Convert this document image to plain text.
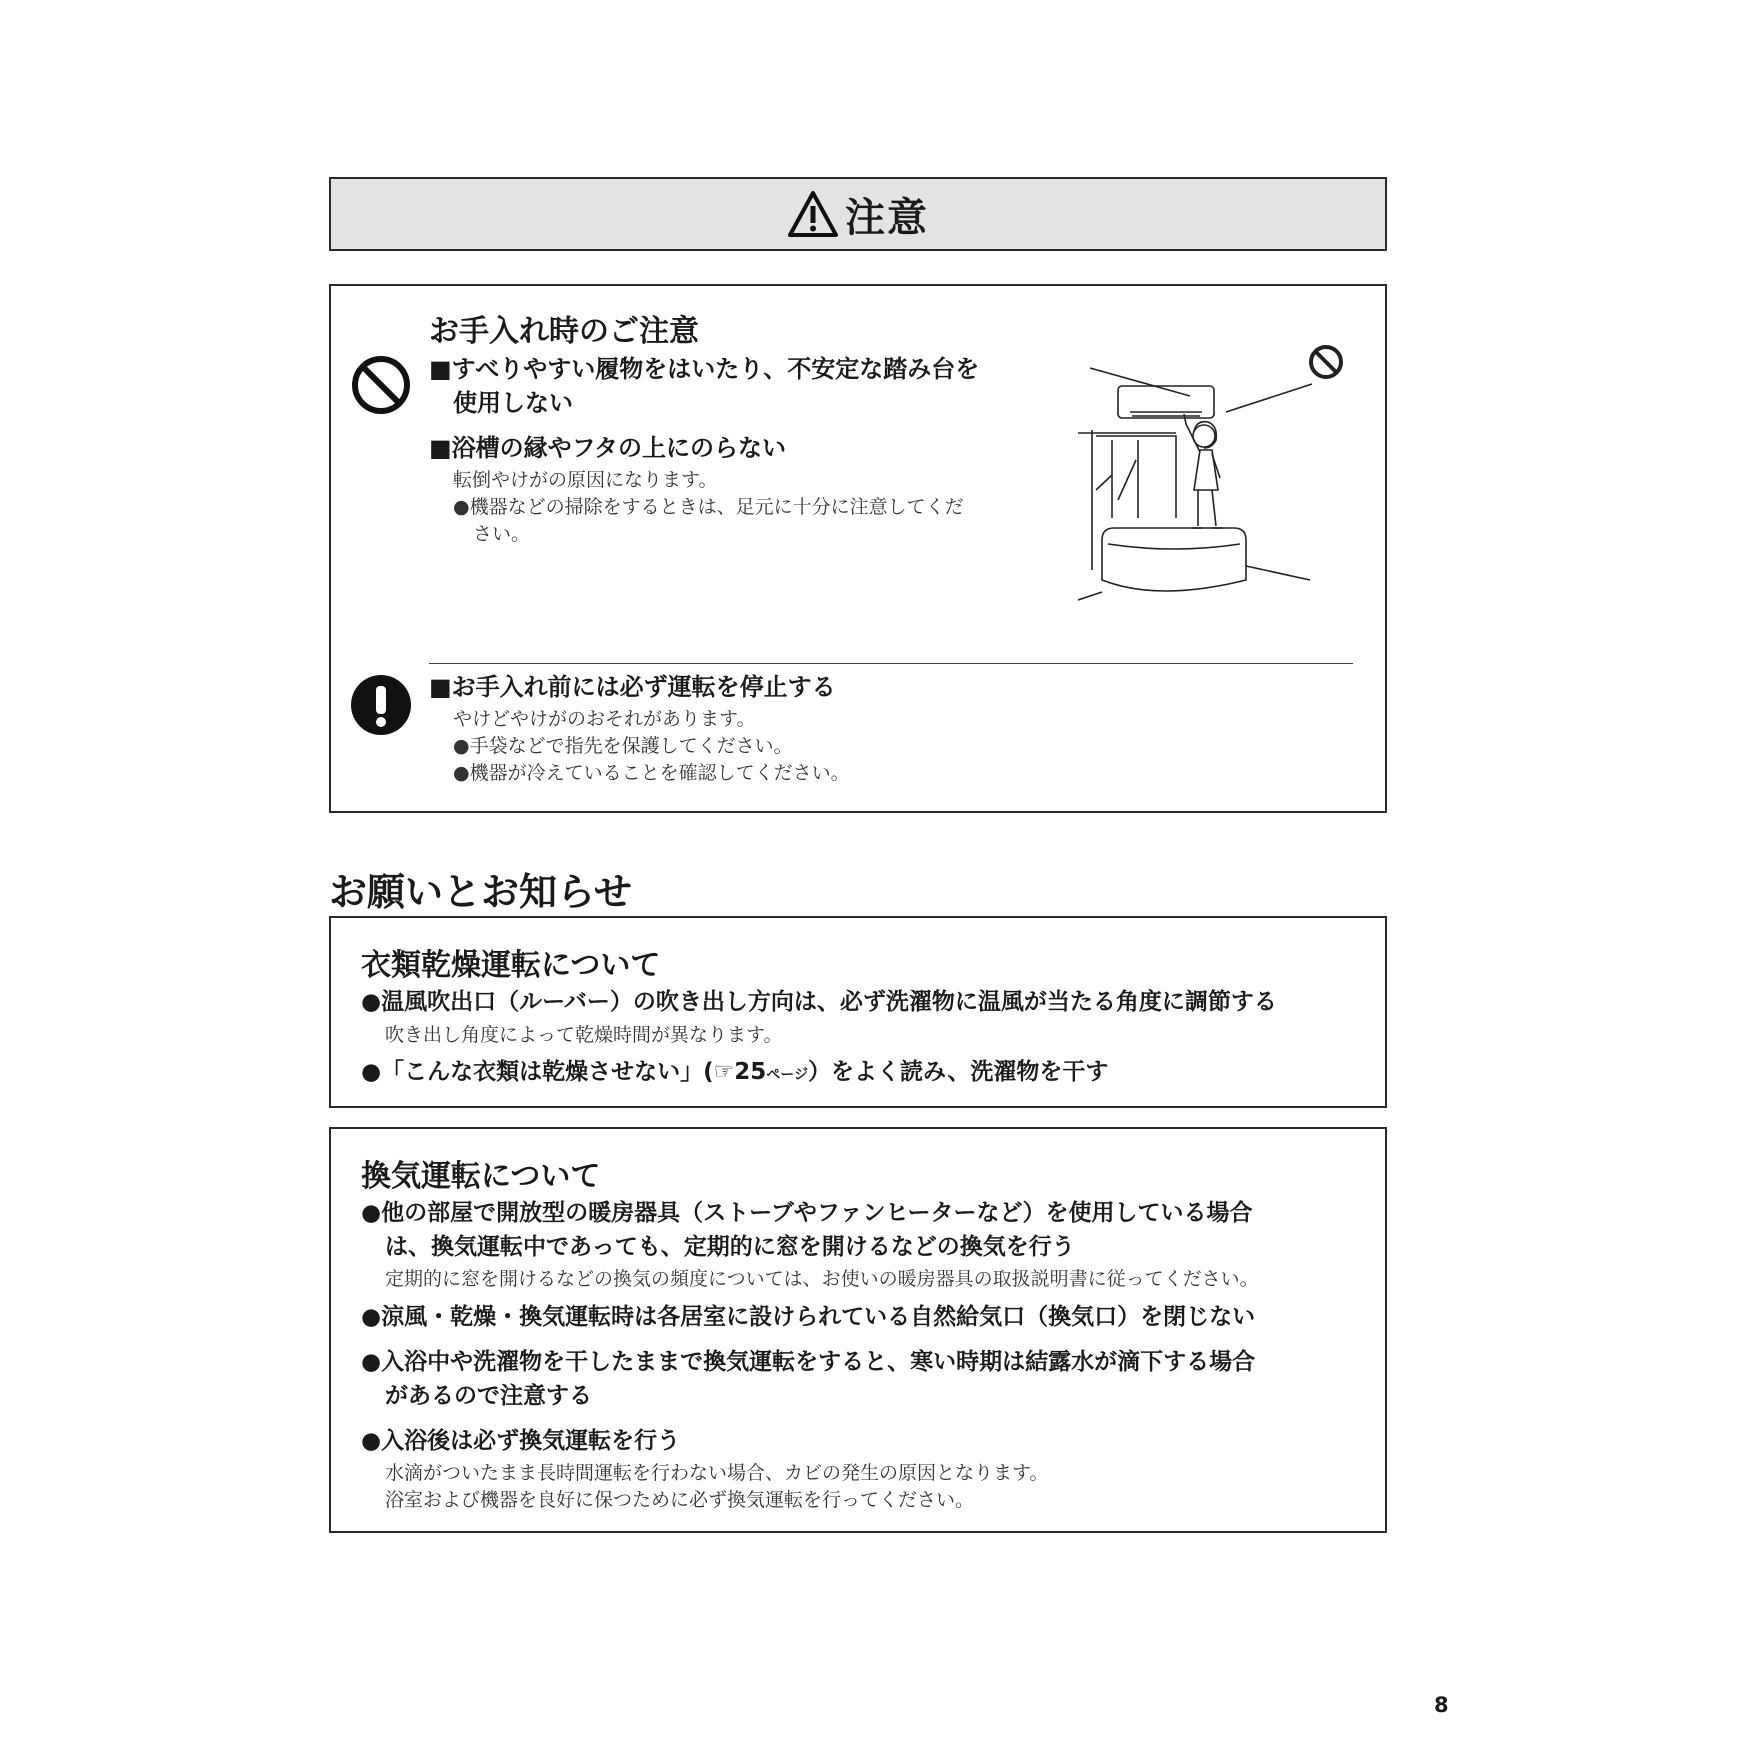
注意
お手入れ時のご注意
■すべりやすい履物をはいたり、不安定な踏み台を
使用しない
■浴槽の縁やフタの上にのらない
転倒やけがの原因になります。
●機器などの掃除をするときは、足元に十分に注意してくだ
さい。
■お手入れ前には必ず運転を停止する
やけどやけがのおそれがあります。
●手袋などで指先を保護してください。
●機器が冷えていることを確認してください。
お願いとお知らせ
衣類乾燥運転について
●温風吹出口（ルーバー）の吹き出し方向は、必ず洗濯物に温風が当たる角度に調節する
吹き出し角度によって乾燥時間が異なります。
●「こんな衣類は乾燥させない」(☞25ページ）をよく読み、洗濯物を干す
換気運転について
●他の部屋で開放型の暖房器具（ストーブやファンヒーターなど）を使用している場合
は、換気運転中であっても、定期的に窓を開けるなどの換気を行う
定期的に窓を開けるなどの換気の頻度については、お使いの暖房器具の取扱説明書に従ってください。
●涼風・乾燥・換気運転時は各居室に設けられている自然給気口（換気口）を閉じない
●入浴中や洗濯物を干したままで換気運転をすると、寒い時期は結露水が滴下する場合
があるので注意する
●入浴後は必ず換気運転を行う
水滴がついたまま長時間運転を行わない場合、カビの発生の原因となります。
浴室および機器を良好に保つために必ず換気運転を行ってください。
8
